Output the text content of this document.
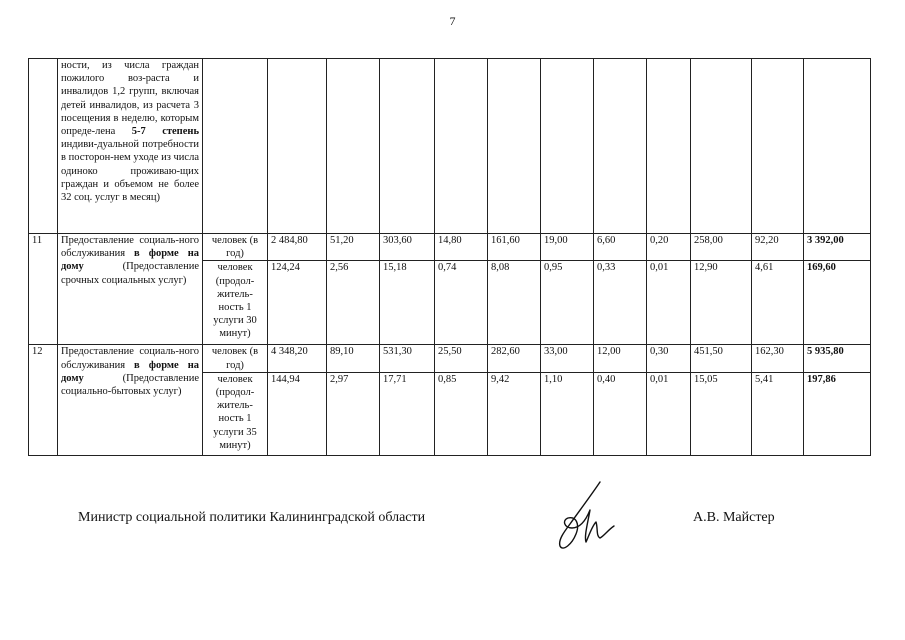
7
	ности, из числа граждан пожилого воз-раста и инвалидов 1,2 групп, включая детей инвалидов, из расчета 3 посещения в неделю, которым опреде-лена 5-7 степень индиви-дуальной потребности в посторон-нем уходе из числа одиноко проживаю-щих граждан и объемом не более 32 соц. услуг в месяц)												
11	Предоставление социаль-ного обслуживания в форме на дому (Предоставление срочных социальных услуг)	человек (в год)	2 484,80	51,20	303,60	14,80	161,60	19,00	6,60	0,20	258,00	92,20	3 392,00
		человек (продол-житель-ность 1 услуги 30 минут)	124,24	2,56	15,18	0,74	8,08	0,95	0,33	0,01	12,90	4,61	169,60
12	Предоставление социаль-ного обслуживания в форме на дому (Предоставление социально-бытовых услуг)	человек (в год)	4 348,20	89,10	531,30	25,50	282,60	33,00	12,00	0,30	451,50	162,30	5 935,80
		человек (продол-житель-ность 1 услуги 35 минут)	144,94	2,97	17,71	0,85	9,42	1,10	0,40	0,01	15,05	5,41	197,86
Министр социальной политики Калининградской области	А.В. Майстер
